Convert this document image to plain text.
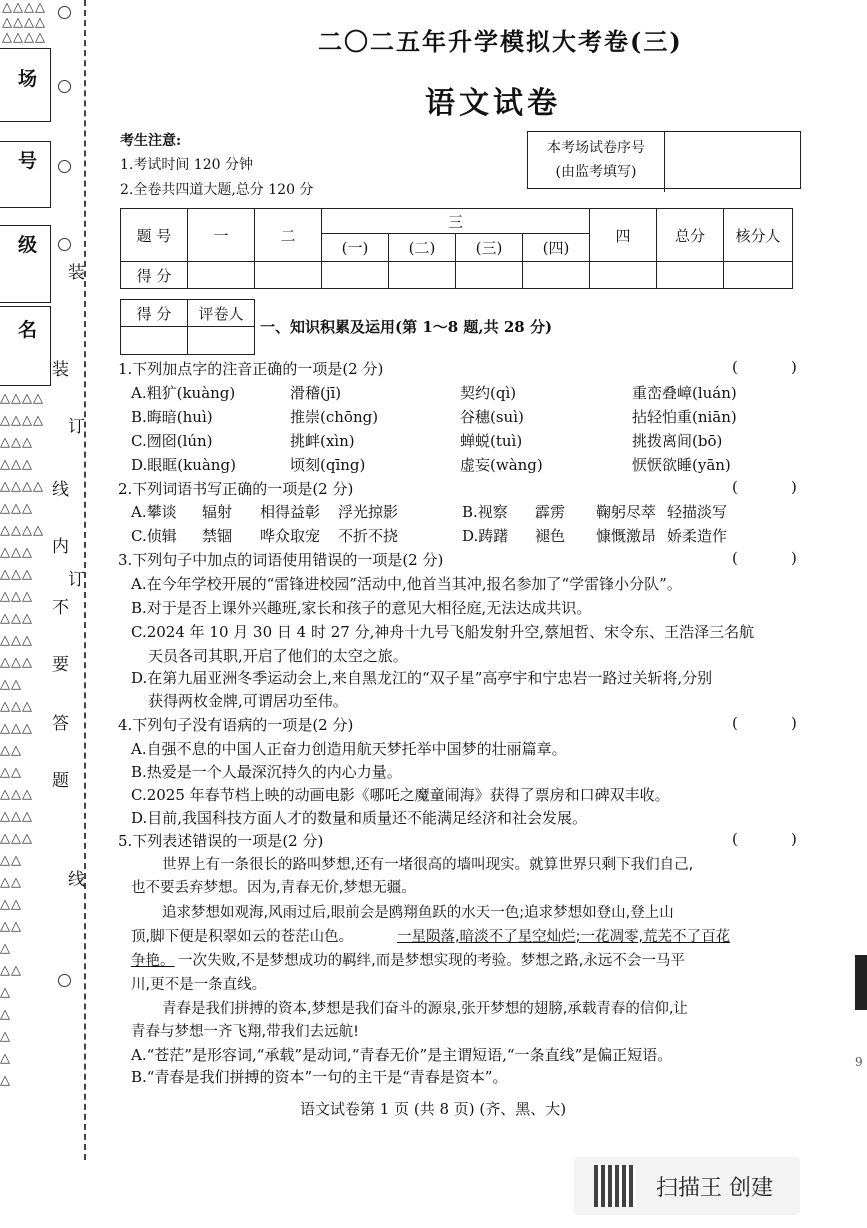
△△△△
△△△△
△△△△
场
号
级
名
装
装
订
线
内
订
不
要
答
题
线
△△△△
△△△△
△△△
△△△
△△△△
△△△
△△△△
△△△
△△△
△△△
△△△
△△△
△△△
△△
△△△
△△△
△△
△△
△△△
△△△
△△△
△△
△△
△△
△△
△
△△
△
△
△
△
△
二〇二五年升学模拟大考卷(三)
语文试卷
考生注意:
1.考试时间 120 分钟
2.全卷共四道大题,总分 120 分
本考场试卷序号
(由监考填写)
题 号	一	二	三				四	总分	核分人
			(一)	(二)	(三)	(四)			
得 分									
得 分	评卷人

一、知识积累及运用(第 1～8 题,共 28 分)
1.下列加点字的注音正确的一项是(2 分)	(	)
A.粗犷(kuàng)	滑稽(jī)	契约(qì)	重峦叠嶂(luán)
B.晦暗(huì)	推崇(chōng)	谷穗(suì)	拈轻怕重(niān)
C.囫囵(lún)	挑衅(xìn)	蝉蜕(tuì)	挑拨离间(bō)
D.眼眶(kuàng)	顷刻(qīng)	虚妄(wàng)	恹恹欲睡(yān)
2.下列词语书写正确的一项是(2 分)	(	)
A.攀谈 辐射 相得益彰 浮光掠影	B.视察 霹雳 鞠躬尽萃 轻描淡写
C.侦辑 禁锢 哗众取宠 不折不挠	D.踌躇 褪色 慷慨激昂 娇柔造作
3.下列句子中加点的词语使用错误的一项是(2 分)	(	)
A.在今年学校开展的“雷锋进校园”活动中,他首当其冲,报名参加了“学雷锋小分队”。
B.对于是否上课外兴趣班,家长和孩子的意见大相径庭,无法达成共识。
C.2024 年 10 月 30 日 4 时 27 分,神舟十九号飞船发射升空,蔡旭哲、宋令东、王浩泽三名航
天员各司其职,开启了他们的太空之旅。
D.在第九届亚洲冬季运动会上,来自黑龙江的“双子星”高亭宇和宁忠岩一路过关斩将,分别
获得两枚金牌,可谓居功至伟。
4.下列句子没有语病的一项是(2 分)	(	)
A.自强不息的中国人正奋力创造用航天梦托举中国梦的壮丽篇章。
B.热爱是一个人最深沉持久的内心力量。
C.2025 年春节档上映的动画电影《哪吒之魔童闹海》获得了票房和口碑双丰收。
D.目前,我国科技方面人才的数量和质量还不能满足经济和社会发展。
5.下列表述错误的一项是(2 分)	(	)
世界上有一条很长的路叫梦想,还有一堵很高的墙叫现实。就算世界只剩下我们自己,
也不要丢弃梦想。因为,青春无价,梦想无疆。
追求梦想如观海,风雨过后,眼前会是鸥翔鱼跃的水天一色;追求梦想如登山,登上山
顶,脚下便是积翠如云的苍茫山色。	一星陨落,暗淡不了星空灿烂;一花凋零,荒芜不了百花
争艳。 一次失败,不是梦想成功的羁绊,而是梦想实现的考验。梦想之路,永远不会一马平
川,更不是一条直线。
青春是我们拼搏的资本,梦想是我们奋斗的源泉,张开梦想的翅膀,承载青春的信仰,让
青春与梦想一齐飞翔,带我们去远航!
A.“苍茫”是形容词,“承载”是动词,“青春无价”是主谓短语,“一条直线”是偏正短语。
B.“青春是我们拼搏的资本”一句的主干是“青春是资本”。
语文试卷第 1 页 (共 8 页) (齐、黑、大)
扫描王 创建
9
